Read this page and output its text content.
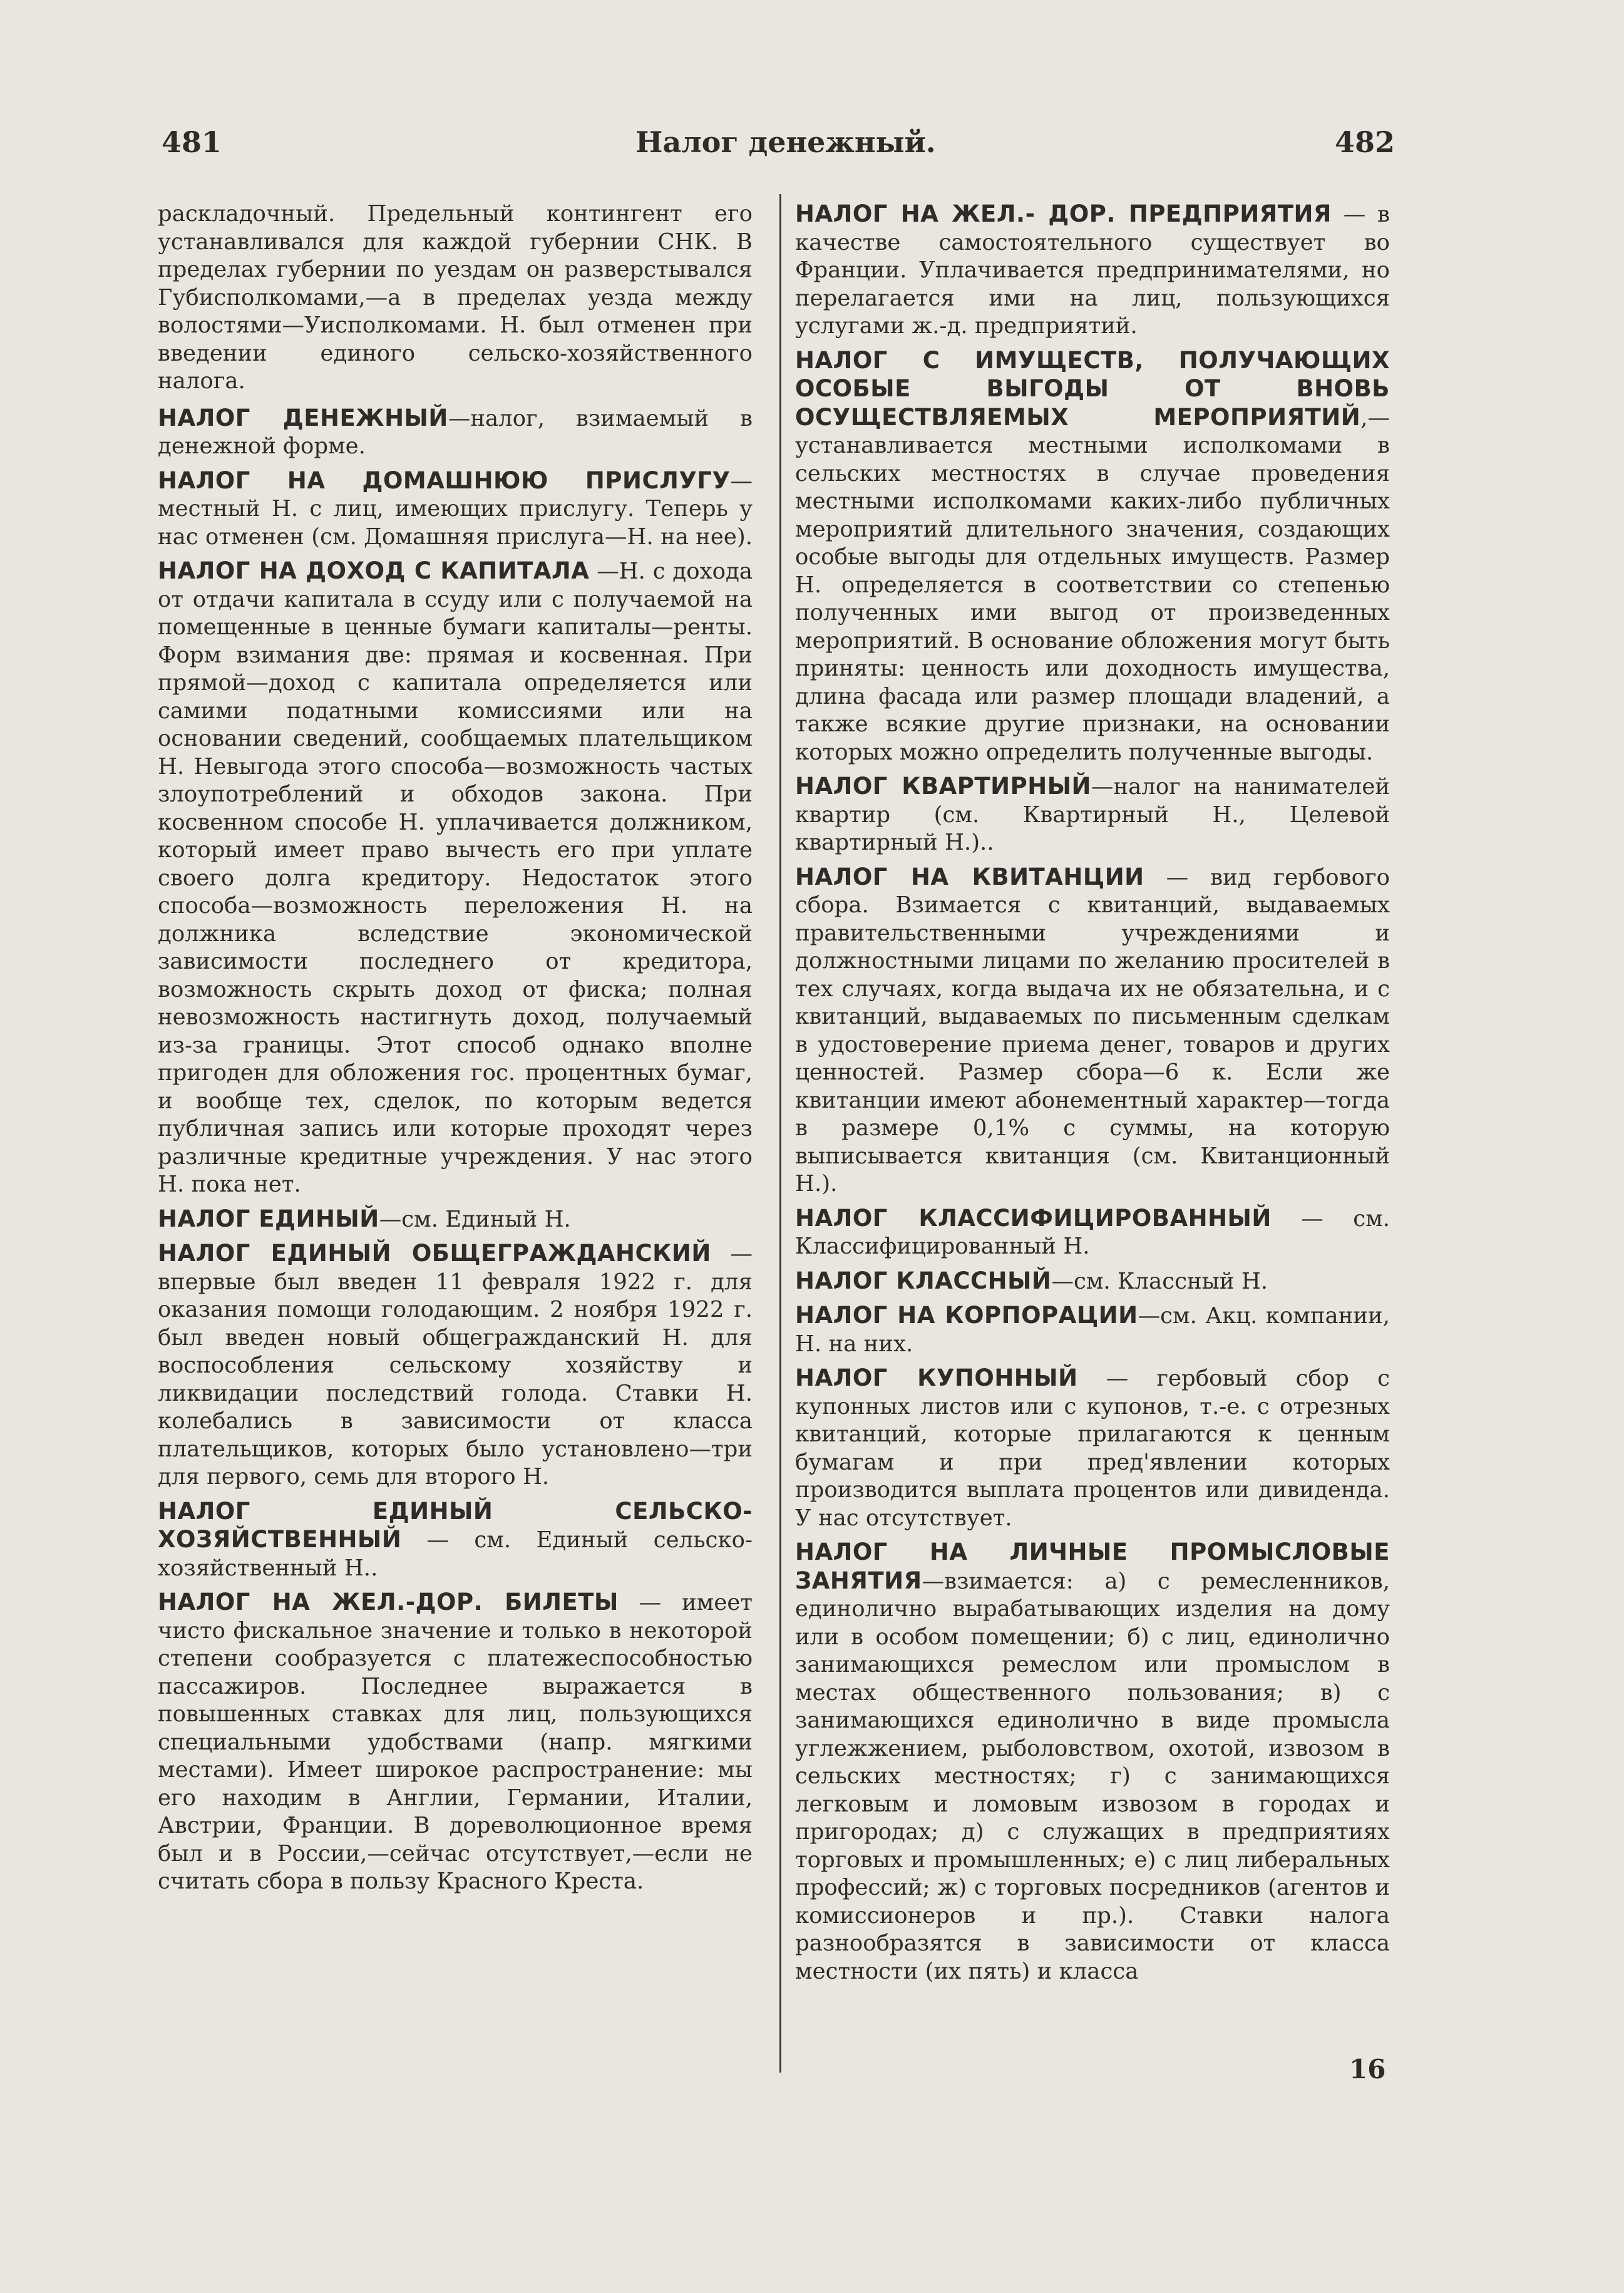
481	Налог денежный.	482

раскладочный. Предельный контингент его устанавливался для каждой губернии СНК. В пределах губернии по уездам он разверстывался Губисполкомами,—а в пределах уезда между волостями—Уисполкомами. Н. был отменен при введении единого сельско-хозяйственного налога.

НАЛОГ ДЕНЕЖНЫЙ—налог, взимаемый в денежной форме.

НАЛОГ НА ДОМАШНЮЮ ПРИСЛУГУ—местный Н. с лиц, имеющих прислугу. Теперь у нас отменен (см. Домашняя прислуга—Н. на нее).

НАЛОГ НА ДОХОД С КАПИТАЛА —Н. с дохода от отдачи капитала в ссуду или с получаемой на помещенные в ценные бумаги капиталы—ренты. Форм взимания две: прямая и косвенная. При прямой—доход с капитала определяется или самими податными комиссиями или на основании сведений, сообщаемых плательщиком Н. Невыгода этого способа—возможность частых злоупотреблений и обходов закона. При косвенном способе Н. уплачивается должником, который имеет право вычесть его при уплате своего долга кредитору. Недостаток этого способа—возможность переложения Н. на должника вследствие экономической зависимости последнего от кредитора, возможность скрыть доход от фиска; полная невозможность настигнуть доход, получаемый из-за границы. Этот способ однако вполне пригоден для обложения гос. процентных бумаг, и вообще тех, сделок, по которым ведется публичная запись или которые проходят через различные кредитные учреждения. У нас этого Н. пока нет.

НАЛОГ ЕДИНЫЙ—см. Единый Н.

НАЛОГ ЕДИНЫЙ ОБЩЕГРАЖДАНСКИЙ — впервые был введен 11 февраля 1922 г. для оказания помощи голодающим. 2 ноября 1922 г. был введен новый общегражданский Н. для воспособления сельскому хозяйству и ликвидации последствий голода. Ставки Н. колебались в зависимости от класса плательщиков, которых было установлено—три для первого, семь для второго Н.

НАЛОГ ЕДИНЫЙ СЕЛЬСКО-ХОЗЯЙСТВЕННЫЙ — см. Единый сельско-хозяйственный Н..

НАЛОГ НА ЖЕЛ.-ДОР. БИЛЕТЫ — имеет чисто фискальное значение и только в некоторой степени сообразуется с платежеспособностью пассажиров. Последнее выражается в повышенных ставках для лиц, пользующихся специальными удобствами (напр. мягкими местами). Имеет широкое распространение: мы его находим в Англии, Германии, Италии, Австрии, Франции. В дореволюционное время был и в России,—сейчас отсутствует,—если не считать сбора в пользу Красного Креста.

НАЛОГ НА ЖЕЛ.- ДОР. ПРЕДПРИЯТИЯ — в качестве самостоятельного существует во Франции. Уплачивается предпринимателями, но перелагается ими на лиц, пользующихся услугами ж.-д. предприятий.

НАЛОГ С ИМУЩЕСТВ, ПОЛУЧАЮЩИХ ОСОБЫЕ ВЫГОДЫ ОТ ВНОВЬ ОСУЩЕСТВЛЯЕМЫХ МЕРОПРИЯТИЙ,—устанавливается местными исполкомами в сельских местностях в случае проведения местными исполкомами каких-либо публичных мероприятий длительного значения, создающих особые выгоды для отдельных имуществ. Размер Н. определяется в соответствии со степенью полученных ими выгод от произведенных мероприятий. В основание обложения могут быть приняты: ценность или доходность имущества, длина фасада или размер площади владений, а также всякие другие признаки, на основании которых можно определить полученные выгоды.

НАЛОГ КВАРТИРНЫЙ—налог на нанимателей квартир (см. Квартирный Н., Целевой квартирный Н.)..

НАЛОГ НА КВИТАНЦИИ — вид гербового сбора. Взимается с квитанций, выдаваемых правительственными учреждениями и должностными лицами по желанию просителей в тех случаях, когда выдача их не обязательна, и с квитанций, выдаваемых по письменным сделкам в удостоверение приема денег, товаров и других ценностей. Размер сбора—6 к. Если же квитанции имеют абонементный характер—тогда в размере 0,1% с суммы, на которую выписывается квитанция (см. Квитанционный Н.).

НАЛОГ КЛАССИФИЦИРОВАННЫЙ — см. Классифицированный Н.

НАЛОГ КЛАССНЫЙ—см. Классный Н.

НАЛОГ НА КОРПОРАЦИИ—см. Акц. компании, Н. на них.

НАЛОГ КУПОННЫЙ — гербовый сбор с купонных листов или с купонов, т.-е. с отрезных квитанций, которые прилагаются к ценным бумагам и при пред'явлении которых производится выплата процентов или дивиденда. У нас отсутствует.

НАЛОГ НА ЛИЧНЫЕ ПРОМЫСЛОВЫЕ ЗАНЯТИЯ—взимается: а) с ремесленников, единолично вырабатывающих изделия на дому или в особом помещении; б) с лиц, единолично занимающихся ремеслом или промыслом в местах общественного пользования; в) с занимающихся единолично в виде промысла углежжением, рыболовством, охотой, извозом в сельских местностях; г) с занимающихся легковым и ломовым извозом в городах и пригородах; д) с служащих в предприятиях торговых и промышленных; е) с лиц либеральных профессий; ж) с торговых посредников (агентов и комиссионеров и пр.). Ставки налога разнообразятся в зависимости от класса местности (их пять) и класса

16
